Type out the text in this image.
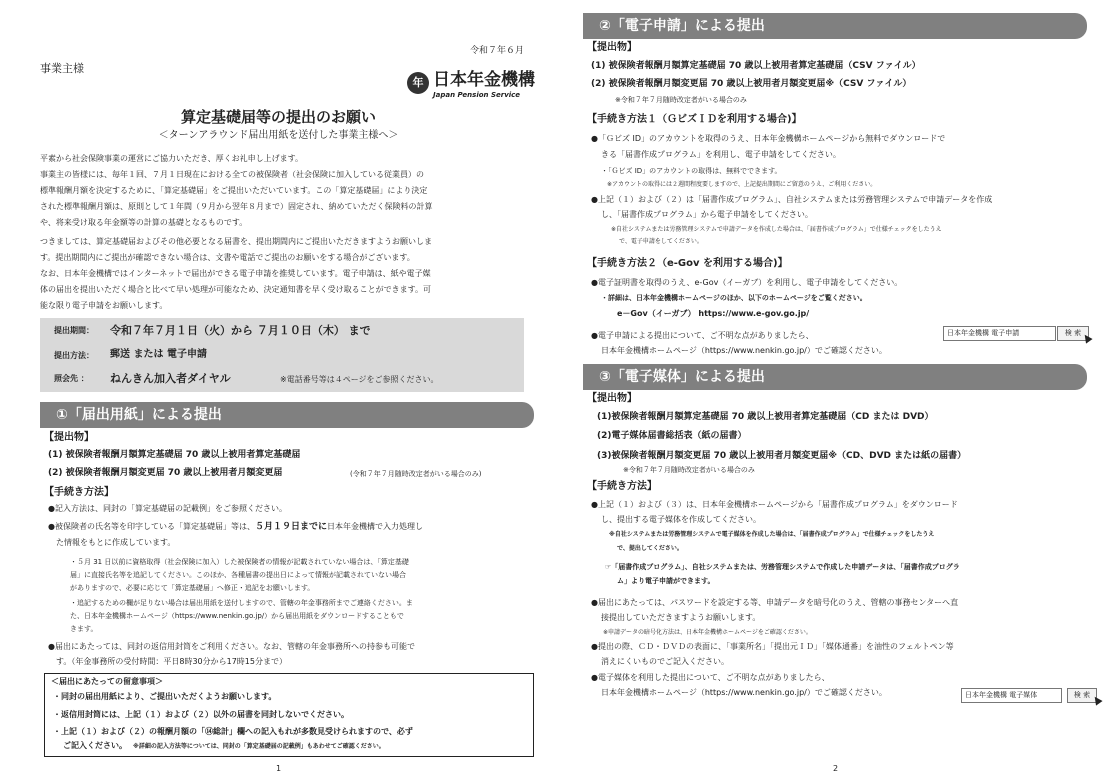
令和７年６月
事業主様
年 日本年金機構
Japan Pension Service
算定基礎届等の提出のお願い
＜ターンアラウンド届出用紙を送付した事業主様へ＞
平素から社会保険事業の運営にご協力いただき、厚くお礼申し上げます。
事業主の皆様には、毎年１回、７月１日現在における全ての被保険者（社会保険に加入している従業員）の
標準報酬月額を決定するために、「算定基礎届」をご提出いただいています。この「算定基礎届」により決定
された標準報酬月額は、原則として１年間（９月から翌年８月まで）固定され、納めていただく保険料の計算
や、将来受け取る年金額等の計算の基礎となるものです。
つきましては、算定基礎届およびその他必要となる届書を、提出期間内にご提出いただきますようお願いしま
す。提出期間内にご提出が確認できない場合は、文書や電話でご提出のお願いをする場合がございます。
なお、日本年金機構ではインターネットで届出ができる電子申請を推奨しています。電子申請は、紙や電子媒
体の届出を提出いただく場合と比べて早い処理が可能なため、決定通知書を早く受け取ることができます。可
能な限り電子申請をお願いします。
提出期間： 令和７年７月１日（火）から ７月１０日（木） まで
提出方法： 郵送 または 電子申請
照会先 ： ねんきん加入者ダイヤル	※電話番号等は４ページをご参照ください。
①「届出用紙」による提出
【提出物】
(1) 被保険者報酬月額算定基礎届 70 歳以上被用者算定基礎届
(2) 被保険者報酬月額変更届 70 歳以上被用者月額変更届	(令和７年７月随時改定者がいる場合のみ)
【手続き方法】
●記入方法は、同封の「算定基礎届の記載例」をご参照ください。
●被保険者の氏名等を印字している「算定基礎届」等は、５月１９日までに日本年金機構で入力処理し
た情報をもとに作成しています。
・５月 31 日以前に資格取得（社会保険に加入）した被保険者の情報が記載されていない場合は、「算定基礎
届」に直接氏名等を追記してください。このほか、各種届書の提出日によって情報が記載されていない場合
がありますので、必要に応じて「算定基礎届」へ修正・追記をお願いします。
・追記するための欄が足りない場合は届出用紙を送付しますので、管轄の年金事務所までご連絡ください。ま
た、日本年金機構ホームページ（https://www.nenkin.go.jp/）から届出用紙をダウンロードすることもで
きます。
●届出にあたっては、同封の返信用封筒をご利用ください。なお、管轄の年金事務所への持参も可能で
す。（年金事務所の受付時間：平日8時30分から17時15分まで）
＜届出にあたっての留意事項＞
・同封の届出用紙により、ご提出いただくようお願いします。
・返信用封筒には、上記（１）および（２）以外の届書を同封しないでください。
・上記（１）および（２）の報酬月額の「⑭総計」欄への記入もれが多数見受けられますので、必ず
ご記入ください。 ※詳細の記入方法等については、同封の「算定基礎届の記載例」もあわせてご確認ください。
1
②「電子申請」による提出
【提出物】
(1) 被保険者報酬月額算定基礎届 70 歳以上被用者算定基礎届（CSV ファイル）
(2) 被保険者報酬月額変更届 70 歳以上被用者月額変更届※（CSV ファイル）
※令和７年７月随時改定者がいる場合のみ
【手続き方法１（ＧビズＩＤを利用する場合)】
●「Ｇビズ ID」のアカウントを取得のうえ、日本年金機構ホームページから無料でダウンロードで
きる「届書作成プログラム」を利用し、電子申請をしてください。
・「Ｇビズ ID」のアカウントの取得は、無料でできます。
※アカウントの取得には２週間程度要しますので、上記提出期間にご留意のうえ、ご利用ください。
●上記（１）および（２）は「届書作成プログラム」、自社システムまたは労務管理システムで申請データを作成
し、「届書作成プログラム」から電子申請をしてください。
※自社システムまたは労務管理システムで申請データを作成した場合は、「届書作成プログラム」で仕様チェックをしたうえ
で、電子申請をしてください。
【手続き方法２（e-Gov を利用する場合)】
●電子証明書を取得のうえ、e-Gov（イーガブ）を利用し、電子申請をしてください。
・詳細は、日本年金機構ホームページのほか、以下のホームページをご覧ください。
e－Gov（イーガブ） https://www.e-gov.go.jp/
●電子申請による提出について、ご不明な点がありましたら、
日本年金機構ホームページ（https://www.nenkin.go.jp/）でご確認ください。
日本年金機構 電子申請	検 索
③「電子媒体」による提出
【提出物】
(1)被保険者報酬月額算定基礎届 70 歳以上被用者算定基礎届（CD または DVD）
(2)電子媒体届書総括表（紙の届書）
(3)被保険者報酬月額変更届 70 歳以上被用者月額変更届※（CD、DVD または紙の届書）
※令和７年７月随時改定者がいる場合のみ
【手続き方法】
●上記（１）および（３）は、日本年金機構ホームページから「届書作成プログラム」をダウンロード
し、提出する電子媒体を作成してください。
※自社システムまたは労務管理システムで電子媒体を作成した場合は、「届書作成プログラム」で仕様チェックをしたうえ
で、提出してください。
☞「届書作成プログラム」、自社システムまたは、労務管理システムで作成した申請データは、「届書作成プログラ
ム」より電子申請ができます。
●届出にあたっては、パスワードを設定する等、申請データを暗号化のうえ、管轄の事務センターへ直
接提出していただきますようお願いします。
※申請データの暗号化方法は、日本年金機構ホームページをご確認ください。
●提出の際、ＣＤ・ＤＶＤの表面に、「事業所名」「提出元ＩＤ」「媒体通番」を油性のフェルトペン等
消えにくいものでご記入ください。
●電子媒体を利用した提出について、ご不明な点がありましたら、
日本年金機構ホームページ（https://www.nenkin.go.jp/）でご確認ください。	日本年金機構 電子媒体	検 索
2
